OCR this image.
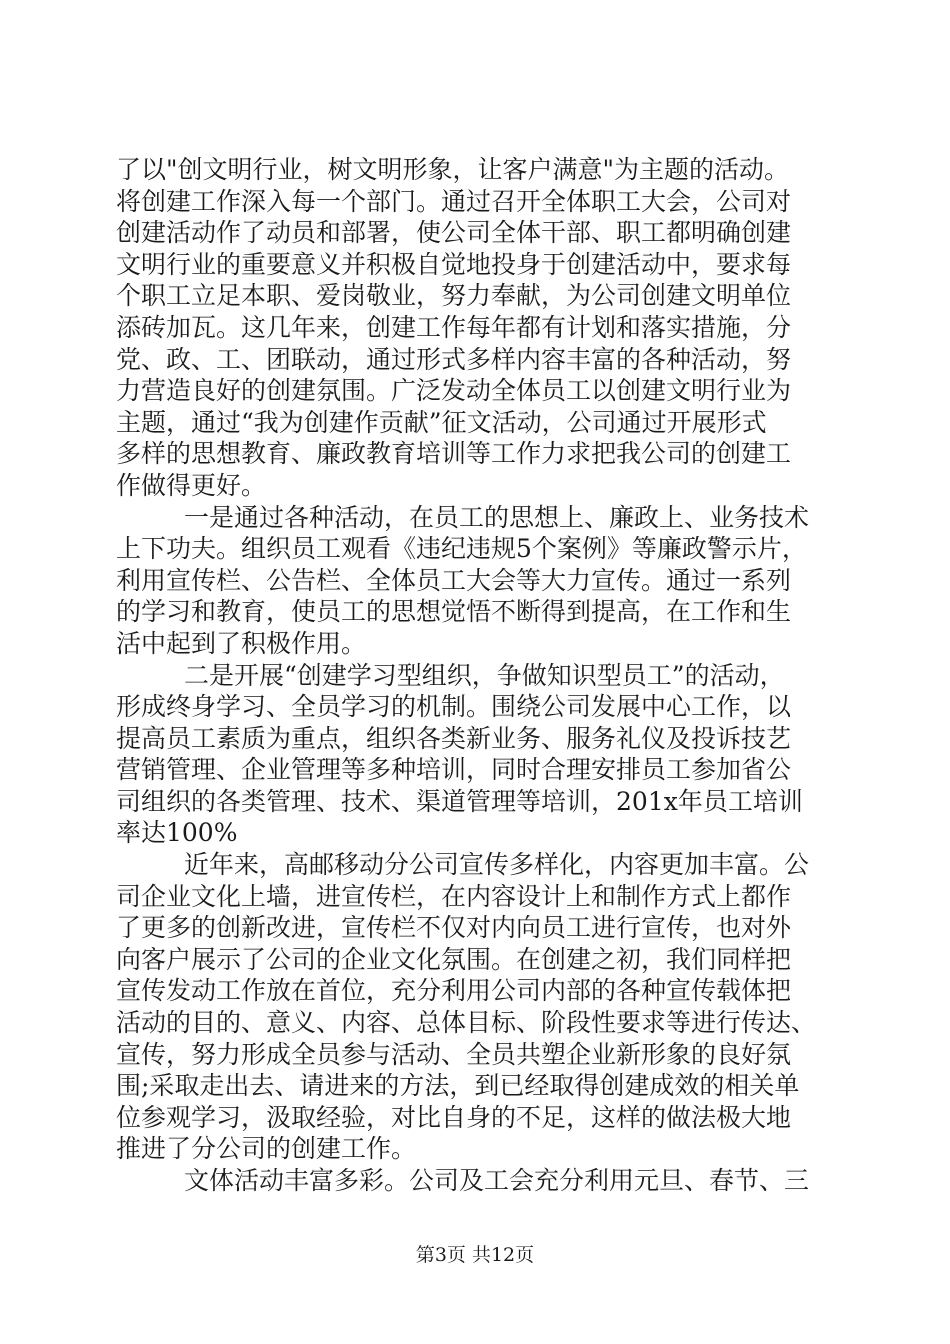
了以"创文明行业，树文明形象，让客户满意"为主题的活动。
将创建工作深入每一个部门。通过召开全体职工大会，公司对
创建活动作了动员和部署，使公司全体干部、职工都明确创建
文明行业的重要意义并积极自觉地投身于创建活动中，要求每
个职工立足本职、爱岗敬业，努力奉献，为公司创建文明单位
添砖加瓦。这几年来，创建工作每年都有计划和落实措施，分
党、政、工、团联动，通过形式多样内容丰富的各种活动，努
力营造良好的创建氛围。广泛发动全体员工以创建文明行业为
主题，通过“我为创建作贡献”征文活动，公司通过开展形式
多样的思想教育、廉政教育培训等工作力求把我公司的创建工
作做得更好。
一是通过各种活动，在员工的思想上、廉政上、业务技术
上下功夫。组织员工观看《违纪违规5个案例》等廉政警示片，
利用宣传栏、公告栏、全体员工大会等大力宣传。通过一系列
的学习和教育，使员工的思想觉悟不断得到提高，在工作和生
活中起到了积极作用。
二是开展“创建学习型组织，争做知识型员工”的活动，
形成终身学习、全员学习的机制。围绕公司发展中心工作，以
提高员工素质为重点，组织各类新业务、服务礼仪及投诉技艺
营销管理、企业管理等多种培训，同时合理安排员工参加省公
司组织的各类管理、技术、渠道管理等培训，201x年员工培训
率达100%
近年来，高邮移动分公司宣传多样化，内容更加丰富。公
司企业文化上墙，进宣传栏，在内容设计上和制作方式上都作
了更多的创新改进，宣传栏不仅对内向员工进行宣传，也对外
向客户展示了公司的企业文化氛围。在创建之初，我们同样把
宣传发动工作放在首位，充分利用公司内部的各种宣传载体把
活动的目的、意义、内容、总体目标、阶段性要求等进行传达、
宣传，努力形成全员参与活动、全员共塑企业新形象的良好氛
围;采取走出去、请进来的方法，到已经取得创建成效的相关单
位参观学习，汲取经验，对比自身的不足，这样的做法极大地
推进了分公司的创建工作。
文体活动丰富多彩。公司及工会充分利用元旦、春节、三
第3页 共12页
